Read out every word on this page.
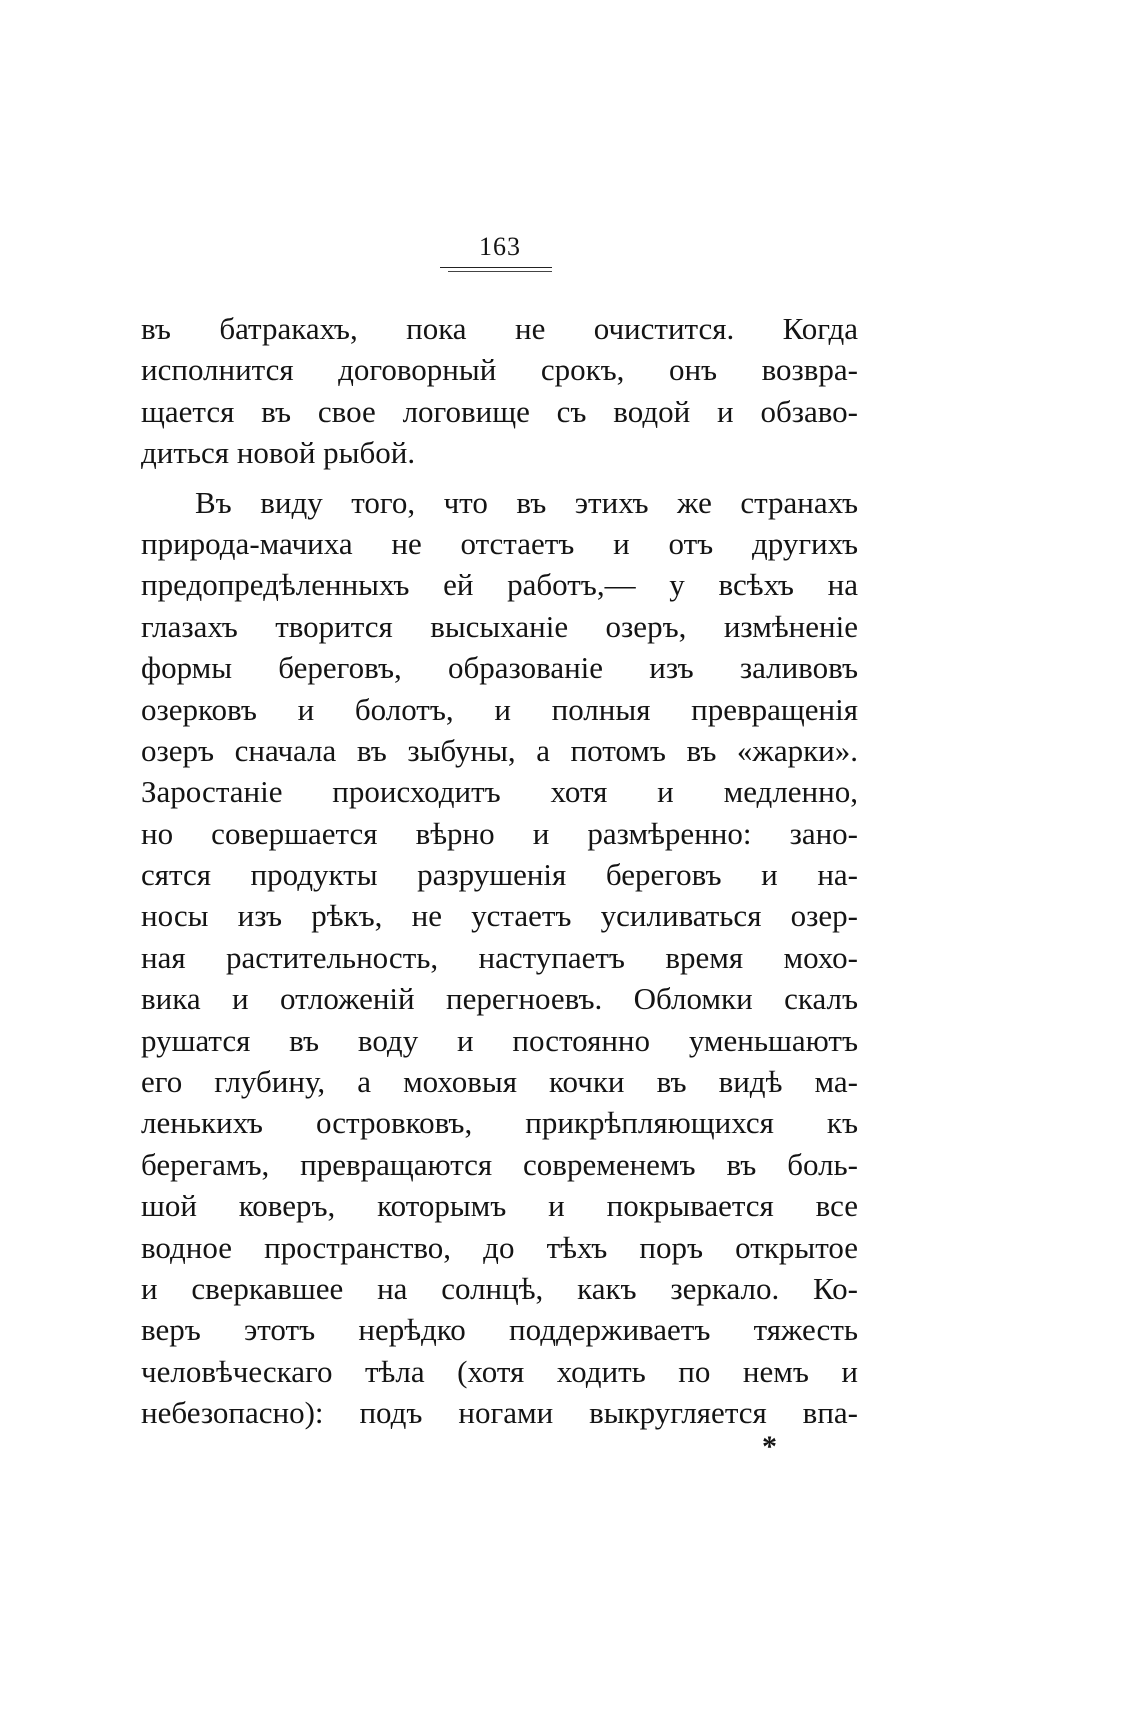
163
въ батракахъ, пока не очистится. Когда
исполнится договорный срокъ, онъ возвра-
щается въ свое логовище съ водой и обзаво-
диться новой рыбой.
Въ виду того, что въ этихъ же странахъ
природа-мачиха не отстаетъ и отъ другихъ
предопредѣленныхъ ей работъ,— у всѣхъ на
глазахъ творится высыханіе озеръ, измѣненіе
формы береговъ, образованіе изъ заливовъ
озерковъ и болотъ, и полныя превращенія
озеръ сначала въ зыбуны, а потомъ въ «жарки».
Заростаніе происходитъ хотя и медленно,
но совершается вѣрно и размѣренно: зано-
сятся продукты разрушенія береговъ и на-
носы изъ рѣкъ, не устаетъ усиливаться озер-
ная растительность, наступаетъ время мохо-
вика и отложеній перегноевъ. Обломки скалъ
рушатся въ воду и постоянно уменьшаютъ
его глубину, а моховыя кочки въ видѣ ма-
ленькихъ островковъ, прикрѣпляющихся къ
берегамъ, превращаются современемъ въ боль-
шой коверъ, которымъ и покрывается все
водное пространство, до тѣхъ поръ открытое
и сверкавшее на солнцѣ, какъ зеркало. Ко-
веръ этотъ нерѣдко поддерживаетъ тяжесть
человѣческаго тѣла (хотя ходить по немъ и
небезопасно): подъ ногами выкругляется впа-
*
